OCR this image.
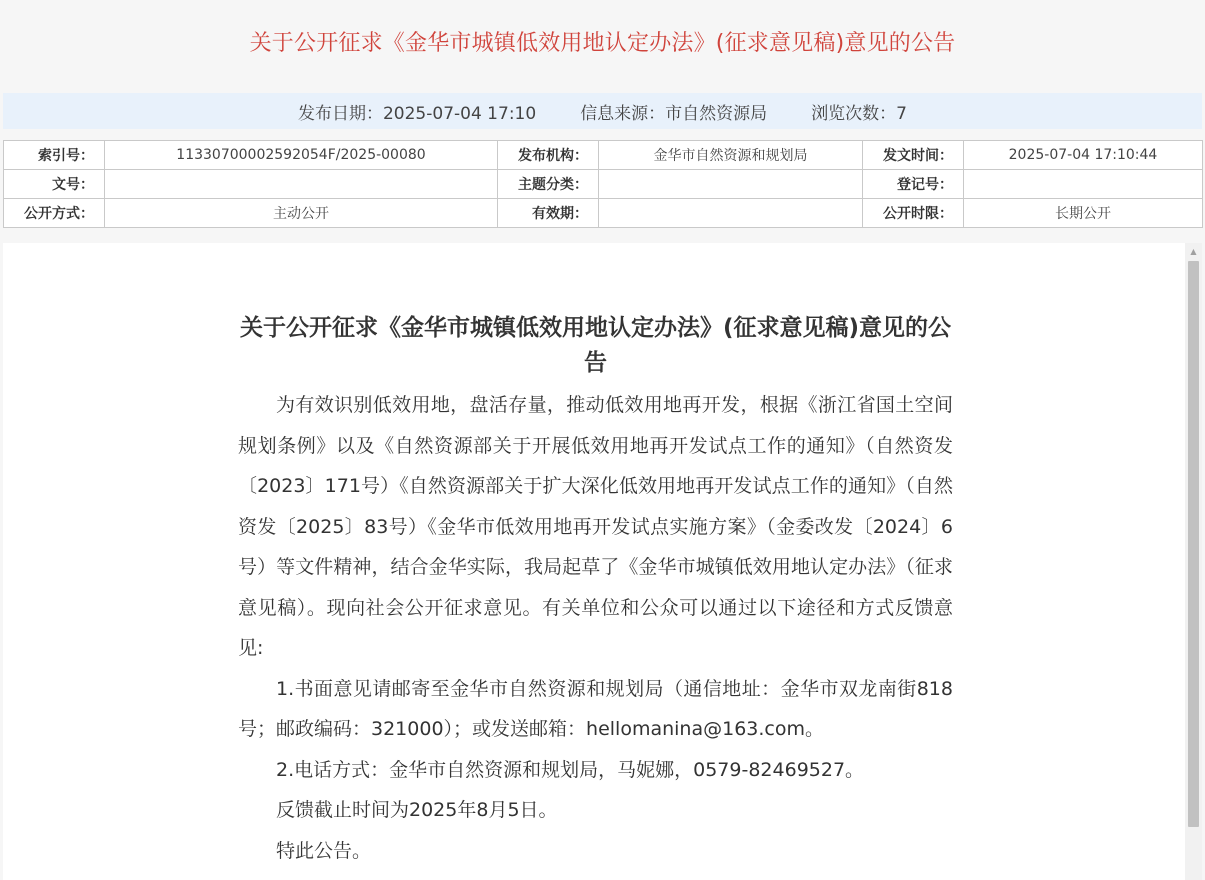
关于公开征求《金华市城镇低效用地认定办法》(征求意见稿)意见的公告
发布日期：2025-07-04 17:10	信息来源：市自然资源局	浏览次数：7
索引号：	11330700002592054F/2025-00080	发布机构：	金华市自然资源和规划局	发文时间：	2025-07-04 17:10:44
文号：		主题分类：		登记号：	
公开方式：	主动公开	有效期：		公开时限：	长期公开
关于公开征求《金华市城镇低效用地认定办法》(征求意见稿)意见的公告

为有效识别低效用地，盘活存量，推动低效用地再开发，根据《浙江省国土空间规划条例》以及《自然资源部关于开展低效用地再开发试点工作的通知》（自然资发〔2023〕171号）《自然资源部关于扩大深化低效用地再开发试点工作的通知》（自然资发〔2025〕83号）《金华市低效用地再开发试点实施方案》（金委改发〔2024〕6号）等文件精神，结合金华实际，我局起草了《金华市城镇低效用地认定办法》（征求意见稿）。现向社会公开征求意见。有关单位和公众可以通过以下途径和方式反馈意见:

1.书面意见请邮寄至金华市自然资源和规划局（通信地址：金华市双龙南街818号；邮政编码：321000）；或发送邮箱：hellomanina@163.com。

2.电话方式：金华市自然资源和规划局，马妮娜，0579-82469527。

反馈截止时间为2025年8月5日。

特此公告。

▲
